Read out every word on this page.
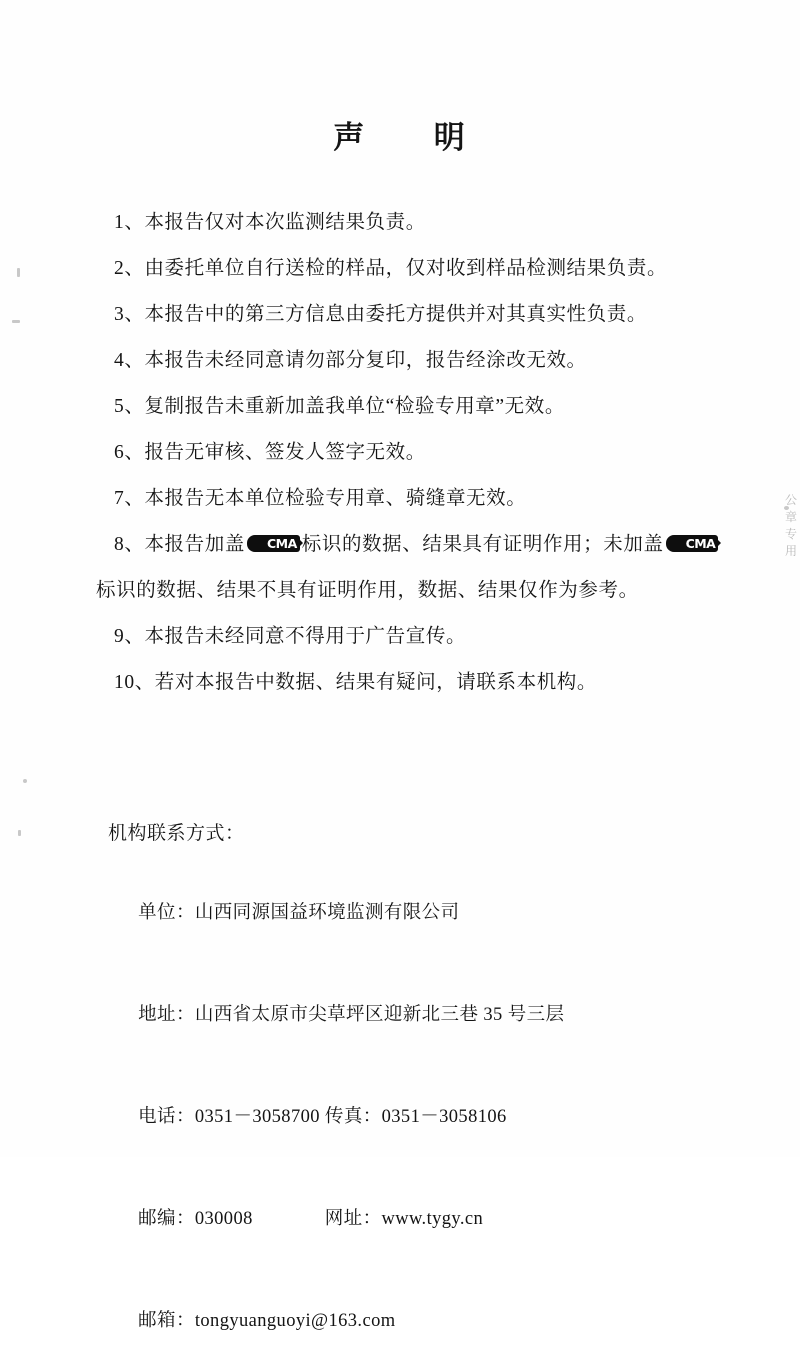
声 明
1、本报告仅对本次监测结果负责。
2、由委托单位自行送检的样品，仅对收到样品检测结果负责。
3、本报告中的第三方信息由委托方提供并对其真实性负责。
4、本报告未经同意请勿部分复印，报告经涂改无效。
5、复制报告未重新加盖我单位“检验专用章”无效。
6、报告无审核、签发人签字无效。
7、本报告无本单位检验专用章、骑缝章无效。
8、本报告加盖 CMA 标识的数据、结果具有证明作用；未加盖 CMA标识的数据、结果不具有证明作用，数据、结果仅作为参考。
9、本报告未经同意不得用于广告宣传。
10、若对本报告中数据、结果有疑问，请联系本机构。
机构联系方式：

单位：山西同源国益环境监测有限公司

地址：山西省太原市尖草坪区迎新北三巷 35 号三层

电话：0351－3058700 传真：0351－3058106

邮编：030008	网址：www.tygy.cn

邮箱：tongyuanguoyi@163.com

公章专用
